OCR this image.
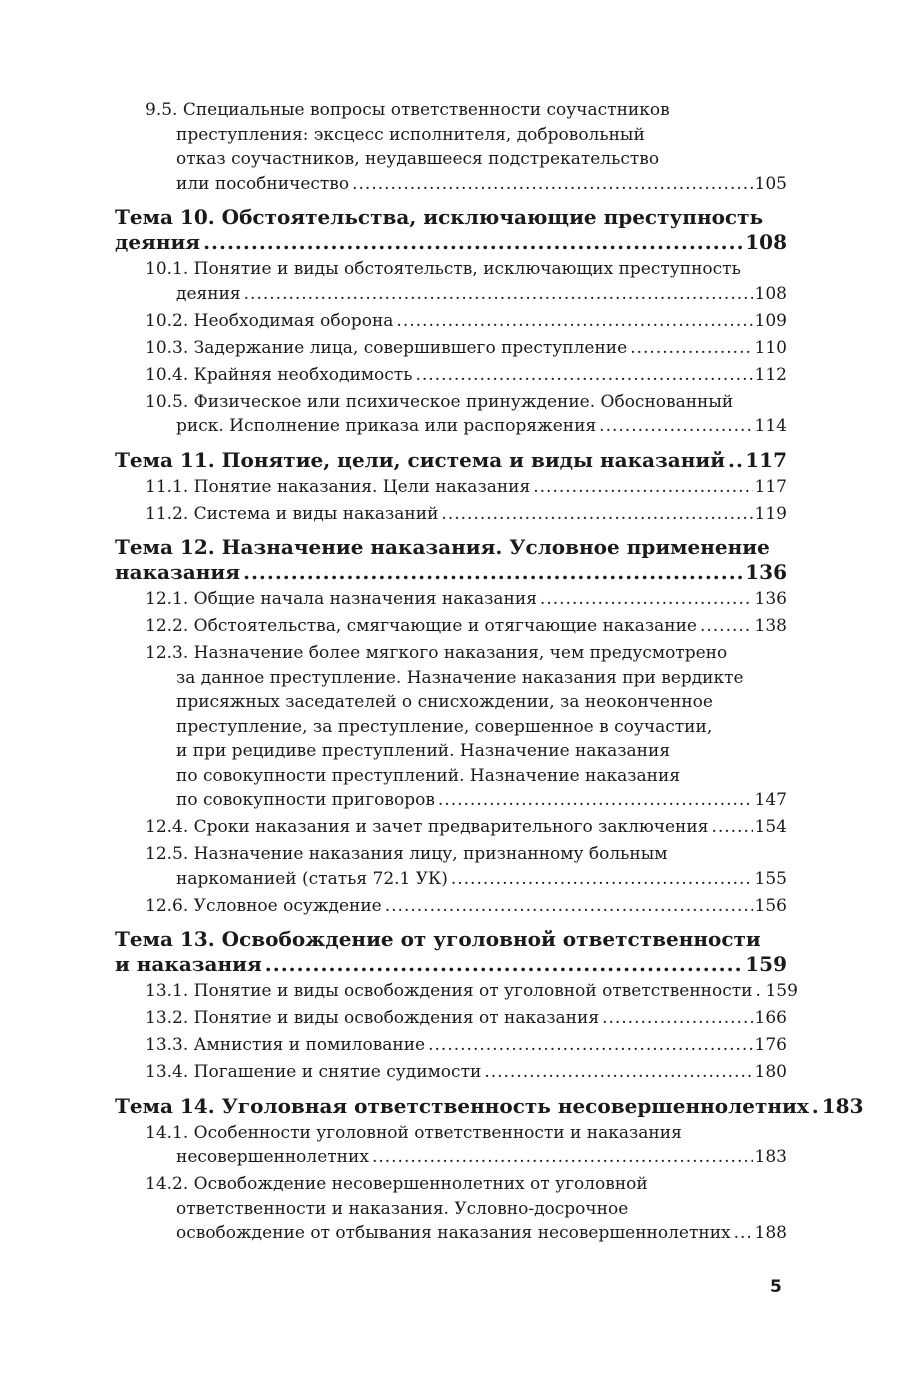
9.5. Специальные вопросы ответственности соучастников
преступления: эксцесс исполнителя, добровольный
отказ соучастников, неудавшееся подстрекательство
или пособничество .....	105
Тема 10. Обстоятельства, исключающие преступность
деяния .....	108
10.1. Понятие и виды обстоятельств, исключающих преступность
деяния .....	108
10.2. Необходимая оборона .....	109
10.3. Задержание лица, совершившего преступление .....	110
10.4. Крайняя необходимость .....	112
10.5. Физическое или психическое принуждение. Обоснованный
риск. Исполнение приказа или распоряжения .....	114
Тема 11. Понятие, цели, система и виды наказаний ..... 117
11.1. Понятие наказания. Цели наказания .....	117
11.2. Система и виды наказаний .....	119
Тема 12. Назначение наказания. Условное применение
наказания .....	136
12.1. Общие начала назначения наказания .....	136
12.2. Обстоятельства, смягчающие и отягчающие наказание .....	138
12.3. Назначение более мягкого наказания, чем предусмотрено
за данное преступление. Назначение наказания при вердикте
присяжных заседателей о снисхождении, за неоконченное
преступление, за преступление, совершенное в соучастии,
и при рецидиве преступлений. Назначение наказания
по совокупности преступлений. Назначение наказания
по совокупности приговоров .....	147
12.4. Сроки наказания и зачет предварительного заключения .....	154
12.5. Назначение наказания лицу, признанному больным
наркоманией (статья 72.1 УК) .....	155
12.6. Условное осуждение .....	156
Тема 13. Освобождение от уголовной ответственности
и наказания .....	159
13.1. Понятие и виды освобождения от уголовной ответственности ..... 159
13.2. Понятие и виды освобождения от наказания .....	166
13.3. Амнистия и помилование .....	176
13.4. Погашение и снятие судимости .....	180
Тема 14. Уголовная ответственность несовершеннолетних ..... 183
14.1. Особенности уголовной ответственности и наказания
несовершеннолетних .....	183
14.2. Освобождение несовершеннолетних от уголовной
ответственности и наказания. Условно-досрочное
освобождение от отбывания наказания несовершеннолетних ..... 188
5
